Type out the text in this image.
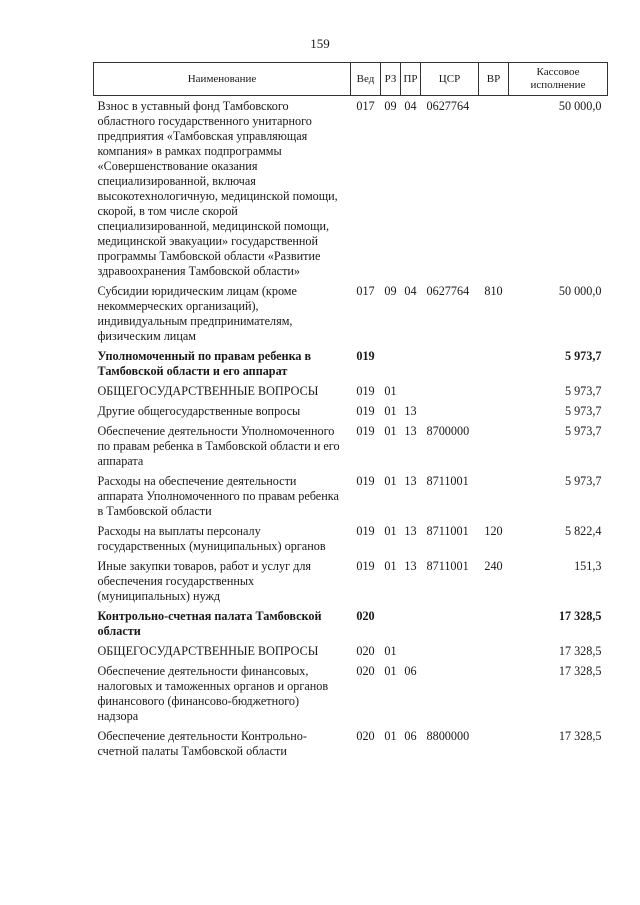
159
Наименование	Вед	РЗ	ПР	ЦСР	ВР	Кассовое исполнение
Взнос в уставный фонд Тамбовского областного государственного унитарного предприятия «Тамбовская управляющая компания» в рамках подпрограммы «Совершенствование оказания специализированной, включая высокотехнологичную, медицинской помощи, скорой, в том числе скорой специализированной, медицинской помощи, медицинской эвакуации» государственной программы Тамбовской области «Развитие здравоохранения Тамбовской области»	017	09	04	0627764		50 000,0
Субсидии юридическим лицам (кроме некоммерческих организаций), индивидуальным предпринимателям, физическим лицам	017	09	04	0627764	810	50 000,0
Уполномоченный по правам ребенка в Тамбовской области и его аппарат	019					5 973,7
ОБЩЕГОСУДАРСТВЕННЫЕ ВОПРОСЫ	019	01				5 973,7
Другие общегосударственные вопросы	019	01	13			5 973,7
Обеспечение деятельности Уполномоченного по правам ребенка в Тамбовской области и его аппарата	019	01	13	8700000		5 973,7
Расходы на обеспечение деятельности аппарата Уполномоченного по правам ребенка в Тамбовской области	019	01	13	8711001		5 973,7
Расходы на выплаты персоналу государственных (муниципальных) органов	019	01	13	8711001	120	5 822,4
Иные закупки товаров, работ и услуг для обеспечения государственных (муниципальных) нужд	019	01	13	8711001	240	151,3
Контрольно-счетная палата Тамбовской области	020					17 328,5
ОБЩЕГОСУДАРСТВЕННЫЕ ВОПРОСЫ	020	01				17 328,5
Обеспечение деятельности финансовых, налоговых и таможенных органов и органов финансового (финансово-бюджетного) надзора	020	01	06			17 328,5
Обеспечение деятельности Контрольно-счетной палаты Тамбовской области	020	01	06	8800000		17 328,5
